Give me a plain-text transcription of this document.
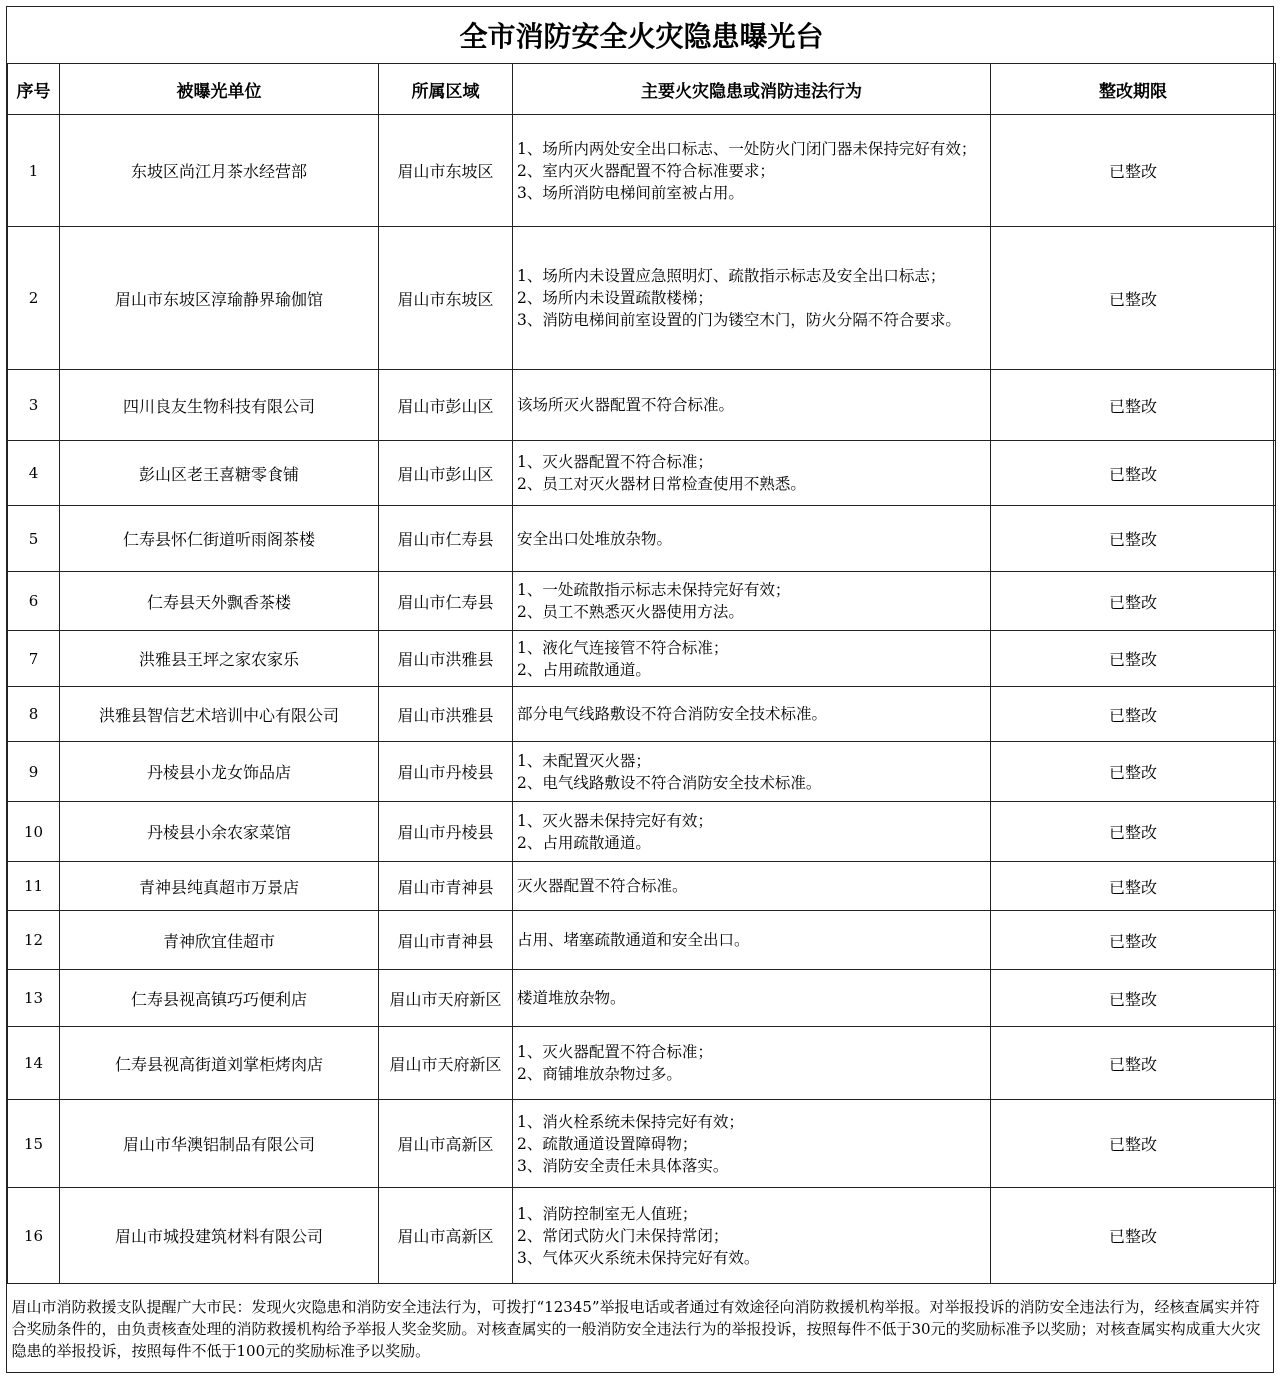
全市消防安全火灾隐患曝光台				
序号	被曝光单位	所属区域	主要火灾隐患或消防违法行为	整改期限
1	东坡区尚江月茶水经营部	眉山市东坡区	1、场所内两处安全出口标志、一处防火门闭门器未保持完好有效；
2、室内灭火器配置不符合标准要求；
3、场所消防电梯间前室被占用。	已整改
2	眉山市东坡区淳瑜静界瑜伽馆	眉山市东坡区	1、场所内未设置应急照明灯、疏散指示标志及安全出口标志；
2、场所内未设置疏散楼梯；
3、消防电梯间前室设置的门为镂空木门，防火分隔不符合要求。	已整改
3	四川良友生物科技有限公司	眉山市彭山区	该场所灭火器配置不符合标准。	已整改
4	彭山区老王喜糖零食铺	眉山市彭山区	1、灭火器配置不符合标准；
2、员工对灭火器材日常检查使用不熟悉。	已整改
5	仁寿县怀仁街道听雨阁茶楼	眉山市仁寿县	安全出口处堆放杂物。	已整改
6	仁寿县天外飘香茶楼	眉山市仁寿县	1、一处疏散指示标志未保持完好有效；
2、员工不熟悉灭火器使用方法。	已整改
7	洪雅县王坪之家农家乐	眉山市洪雅县	1、液化气连接管不符合标准；
2、占用疏散通道。	已整改
8	洪雅县智信艺术培训中心有限公司	眉山市洪雅县	部分电气线路敷设不符合消防安全技术标准。	已整改
9	丹棱县小龙女饰品店	眉山市丹棱县	1、未配置灭火器；
2、电气线路敷设不符合消防安全技术标准。	已整改
10	丹棱县小余农家菜馆	眉山市丹棱县	1、灭火器未保持完好有效；
2、占用疏散通道。	已整改
11	青神县纯真超市万景店	眉山市青神县	灭火器配置不符合标准。	已整改
12	青神欣宜佳超市	眉山市青神县	占用、堵塞疏散通道和安全出口。	已整改
13	仁寿县视高镇巧巧便利店	眉山市天府新区	楼道堆放杂物。	已整改
14	仁寿县视高街道刘掌柜烤肉店	眉山市天府新区	1、灭火器配置不符合标准；
2、商铺堆放杂物过多。	已整改
15	眉山市华澳铝制品有限公司	眉山市高新区	1、消火栓系统未保持完好有效；
2、疏散通道设置障碍物；
3、消防安全责任未具体落实。	已整改
16	眉山市城投建筑材料有限公司	眉山市高新区	1、消防控制室无人值班；
2、常闭式防火门未保持常闭；
3、气体灭火系统未保持完好有效。	已整改
眉山市消防救援支队提醒广大市民：发现火灾隐患和消防安全违法行为，可拨打“12345”举报电话或者通过有效途径向消防救援机构举报。对举报投诉的消防安全违法行为，经核查属实并符合奖励条件的，由负责核查处理的消防救援机构给予举报人奖金奖励。对核查属实的一般消防安全违法行为的举报投诉，按照每件不低于30元的奖励标准予以奖励；对核查属实构成重大火灾隐患的举报投诉，按照每件不低于100元的奖励标准予以奖励。				
